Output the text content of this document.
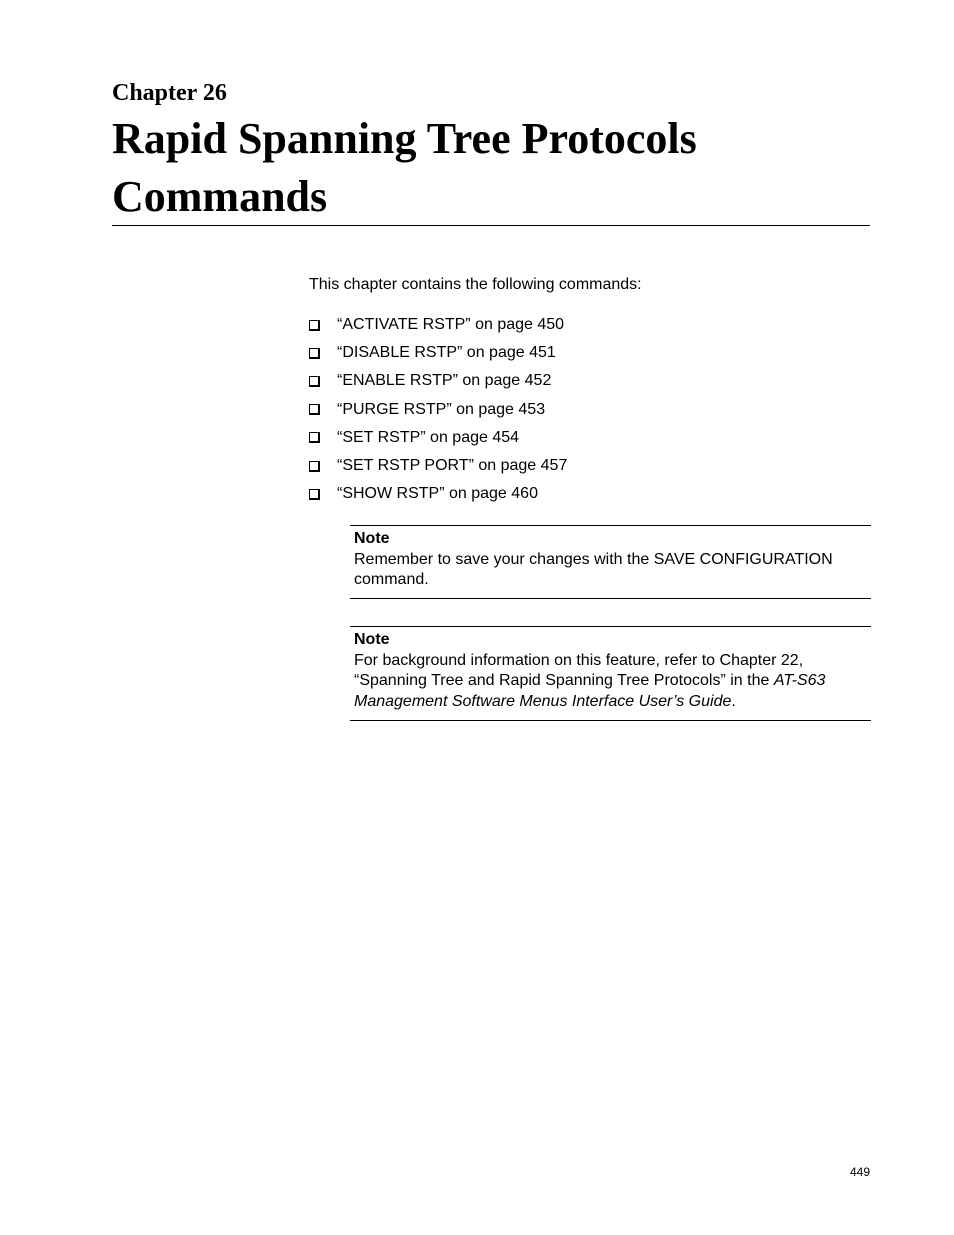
Chapter 26
Rapid Spanning Tree Protocols Commands

This chapter contains the following commands:

“ACTIVATE RSTP” on page 450
“DISABLE RSTP” on page 451
“ENABLE RSTP” on page 452
“PURGE RSTP” on page 453
“SET RSTP” on page 454
“SET RSTP PORT” on page 457
“SHOW RSTP” on page 460

Note

Remember to save your changes with the SAVE CONFIGURATION command.

Note

For background information on this feature, refer to Chapter 22, “Spanning Tree and Rapid Spanning Tree Protocols” in the AT-S63 Management Software Menus Interface User’s Guide.

449
